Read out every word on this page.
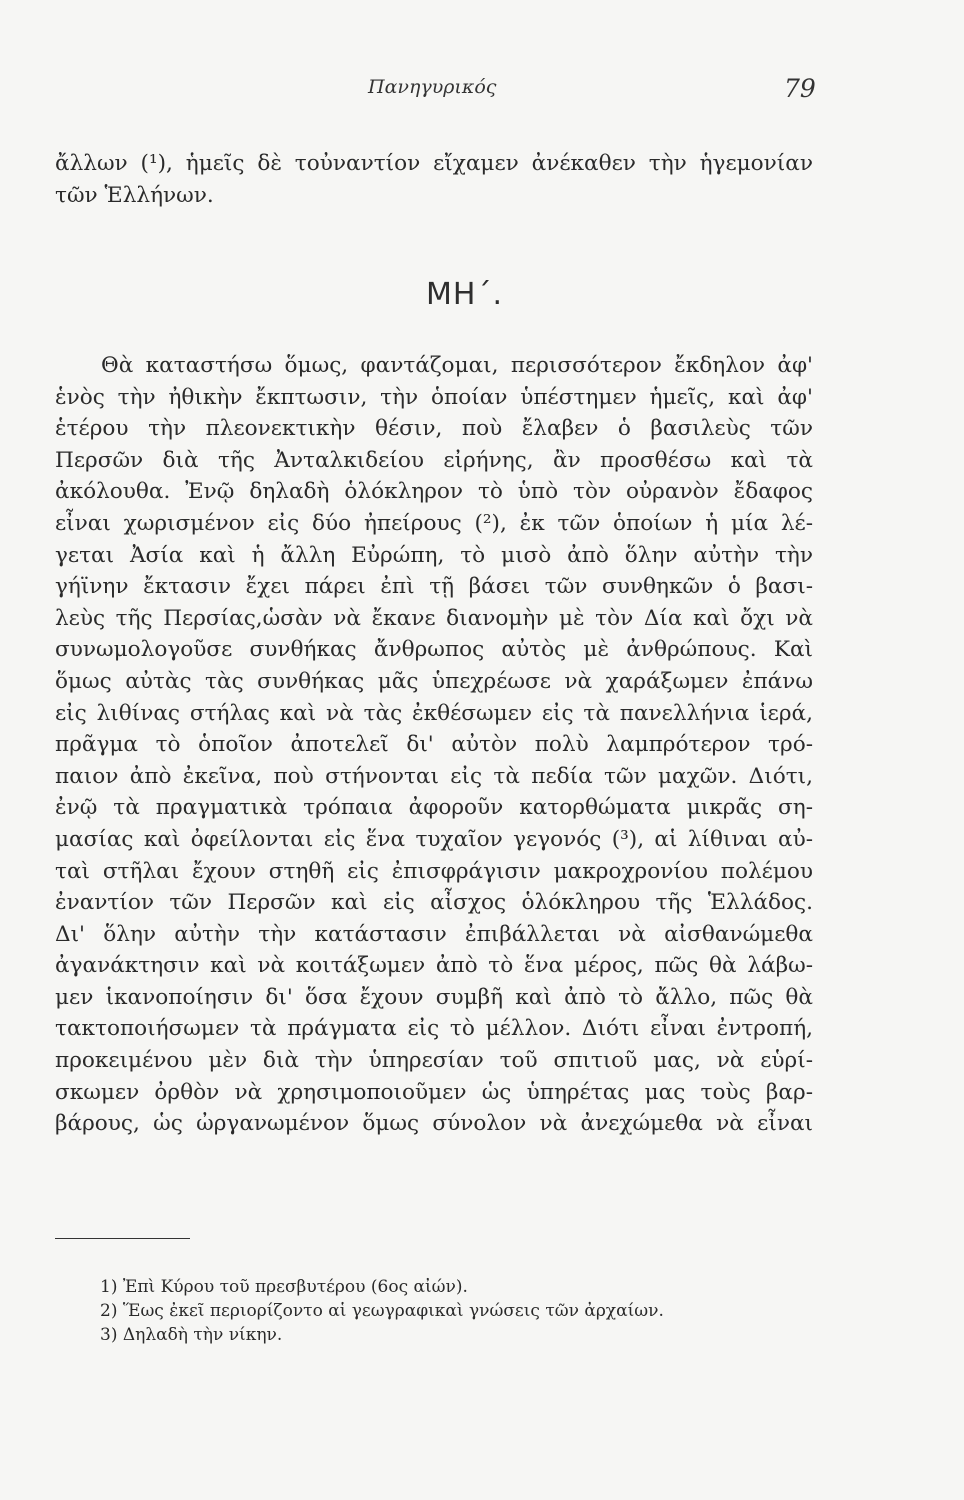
Πανηγυρικός	79
ἄλλων (¹), ἡμεῖς δὲ τοὐναντίον εἴχαμεν ἀνέκαθεν τὴν ἡγεμονίαν
τῶν Ἑλλήνων.
ΜΗ΄.
Θὰ καταστήσω ὅμως, φαντάζομαι, περισσότερον ἔκδηλον ἀφ'
ἑνὸς τὴν ἠθικὴν ἔκπτωσιν, τὴν ὁποίαν ὑπέστημεν ἡμεῖς, καὶ ἀφ'
ἑτέρου τὴν πλεονεκτικὴν θέσιν, ποὺ ἔλαβεν ὁ βασιλεὺς τῶν
Περσῶν διὰ τῆς Ἀνταλκιδείου εἰρήνης, ἂν προσθέσω καὶ τὰ
ἀκόλουθα. Ἐνῷ δηλαδὴ ὁλόκληρον τὸ ὑπὸ τὸν οὐρανὸν ἔδαφος
εἶναι χωρισμένον εἰς δύο ἠπείρους (²), ἐκ τῶν ὁποίων ἡ μία λέ-
γεται Ἀσία καὶ ἡ ἄλλη Εὐρώπη, τὸ μισὸ ἀπὸ ὅλην αὐτὴν τὴν
γήϊνην ἔκτασιν ἔχει πάρει ἐπὶ τῇ βάσει τῶν συνθηκῶν ὁ βασι-
λεὺς τῆς Περσίας,ὡσὰν νὰ ἔκανε διανομὴν μὲ τὸν Δία καὶ ὄχι νὰ
συνωμολογοῦσε συνθήκας ἄνθρωπος αὐτὸς μὲ ἀνθρώπους. Καὶ
ὅμως αὐτὰς τὰς συνθήκας μᾶς ὑπεχρέωσε νὰ χαράξωμεν ἐπάνω
εἰς λιθίνας στήλας καὶ νὰ τὰς ἐκθέσωμεν εἰς τὰ πανελλήνια ἱερά,
πρᾶγμα τὸ ὁποῖον ἀποτελεῖ δι' αὐτὸν πολὺ λαμπρότερον τρό-
παιον ἀπὸ ἐκεῖνα, ποὺ στήνονται εἰς τὰ πεδία τῶν μαχῶν. Διότι,
ἐνῷ τὰ πραγματικὰ τρόπαια ἀφοροῦν κατορθώματα μικρᾶς ση-
μασίας καὶ ὀφείλονται εἰς ἕνα τυχαῖον γεγονός (³), αἱ λίθιναι αὐ-
ταὶ στῆλαι ἔχουν στηθῆ εἰς ἐπισφράγισιν μακροχρονίου πολέμου
ἐναντίον τῶν Περσῶν καὶ εἰς αἶσχος ὁλόκληρου τῆς Ἑλλάδος.
Δι' ὅλην αὐτὴν τὴν κατάστασιν ἐπιβάλλεται νὰ αἰσθανώμεθα
ἀγανάκτησιν καὶ νὰ κοιτάξωμεν ἀπὸ τὸ ἕνα μέρος, πῶς θὰ λάβω-
μεν ἱκανοποίησιν δι' ὅσα ἔχουν συμβῆ καὶ ἀπὸ τὸ ἄλλο, πῶς θὰ
τακτοποιήσωμεν τὰ πράγματα εἰς τὸ μέλλον. Διότι εἶναι ἐντροπή,
προκειμένου μὲν διὰ τὴν ὑπηρεσίαν τοῦ σπιτιοῦ μας, νὰ εὑρί-
σκωμεν ὀρθὸν νὰ χρησιμοποιοῦμεν ὡς ὑπηρέτας μας τοὺς βαρ-
βάρους, ὡς ὠργανωμένον ὅμως σύνολον νὰ ἀνεχώμεθα νὰ εἶναι
1) Ἐπὶ Κύρου τοῦ πρεσβυτέρου (6ος αἰών).
2) Ἕως ἐκεῖ περιορίζοντο αἱ γεωγραφικαὶ γνώσεις τῶν ἀρχαίων.
3) Δηλαδὴ τὴν νίκην.
